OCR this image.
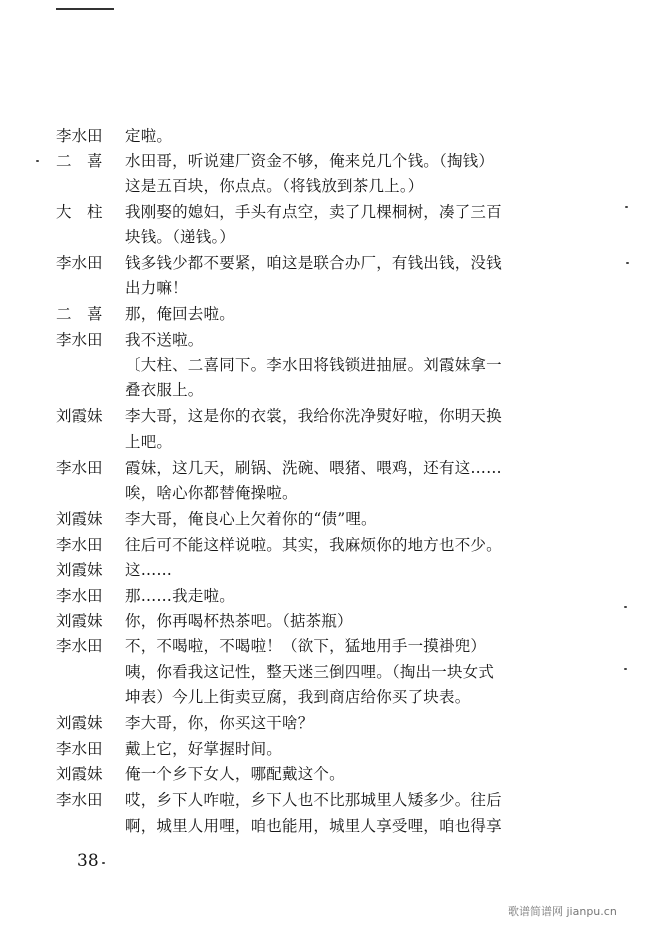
李水田	定啦。
二　喜	水田哥，听说建厂资金不够，俺来兑几个钱。（掏钱）
这是五百块，你点点。（将钱放到茶几上。）
大　柱	我刚娶的媳妇，手头有点空，卖了几棵桐树，凑了三百
块钱。（递钱。）
李水田	钱多钱少都不要紧，咱这是联合办厂，有钱出钱，没钱
出力嘛！
二　喜	那，俺回去啦。
李水田	我不送啦。
〔大柱、二喜同下。李水田将钱锁进抽屉。刘霞妹拿一
叠衣服上。
刘霞妹	李大哥，这是你的衣裳，我给你洗净熨好啦，你明天换
上吧。
李水田	霞妹，这几天，刷锅、洗碗、喂猪、喂鸡，还有这……
唉，啥心你都替俺操啦。
刘霞妹	李大哥，俺良心上欠着你的“债”哩。
李水田	往后可不能这样说啦。其实，我麻烦你的地方也不少。
刘霞妹	这……
李水田	那……我走啦。
刘霞妹	你，你再喝杯热茶吧。（掂茶瓶）
李水田	不，不喝啦，不喝啦！（欲下，猛地用手一摸褂兜）
咦，你看我这记性，整天迷三倒四哩。（掏出一块女式
坤表）今儿上街卖豆腐，我到商店给你买了块表。
刘霞妹	李大哥，你，你买这干啥？
李水田	戴上它，好掌握时间。
刘霞妹	俺一个乡下女人，哪配戴这个。
李水田	哎，乡下人咋啦，乡下人也不比那城里人矮多少。往后
啊，城里人用哩，咱也能用，城里人享受哩，咱也得享
38
歌谱简谱网 jianpu.cn
